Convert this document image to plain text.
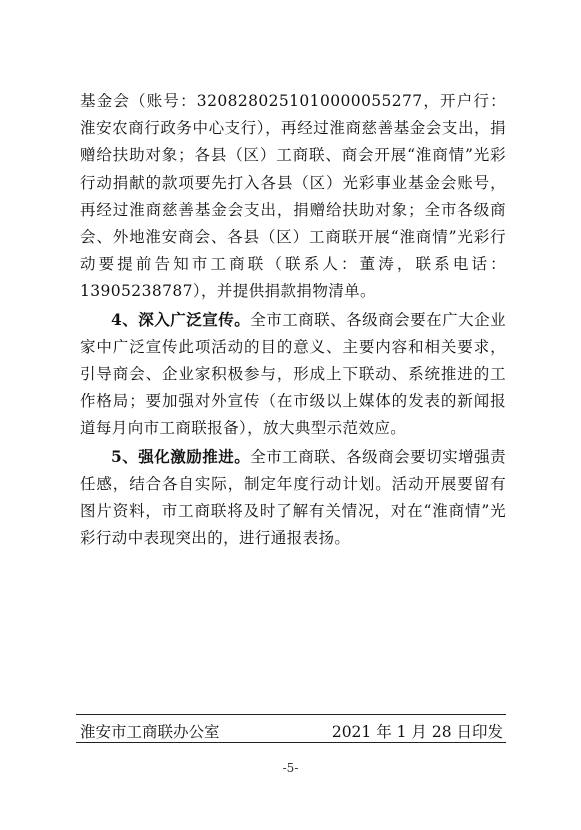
基金会（账号：3208280251010000055277，开户行：淮安农商行政务中心支行），再经过淮商慈善基金会支出，捐赠给扶助对象；各县（区）工商联、商会开展“淮商情”光彩行动捐献的款项要先打入各县（区）光彩事业基金会账号，再经过淮商慈善基金会支出，捐赠给扶助对象；全市各级商会、外地淮安商会、各县（区）工商联开展“淮商情”光彩行动要提前告知市工商联（联系人：董涛，联系电话：13905238787），并提供捐款捐物清单。

4、深入广泛宣传。全市工商联、各级商会要在广大企业家中广泛宣传此项活动的目的意义、主要内容和相关要求，引导商会、企业家积极参与，形成上下联动、系统推进的工作格局；要加强对外宣传（在市级以上媒体的发表的新闻报道每月向市工商联报备），放大典型示范效应。

5、强化激励推进。全市工商联、各级商会要切实增强责任感，结合各自实际，制定年度行动计划。活动开展要留有图片资料，市工商联将及时了解有关情况，对在“淮商情”光彩行动中表现突出的，进行通报表扬。

淮安市工商联办公室	2021 年 1 月 28 日印发
-5-
